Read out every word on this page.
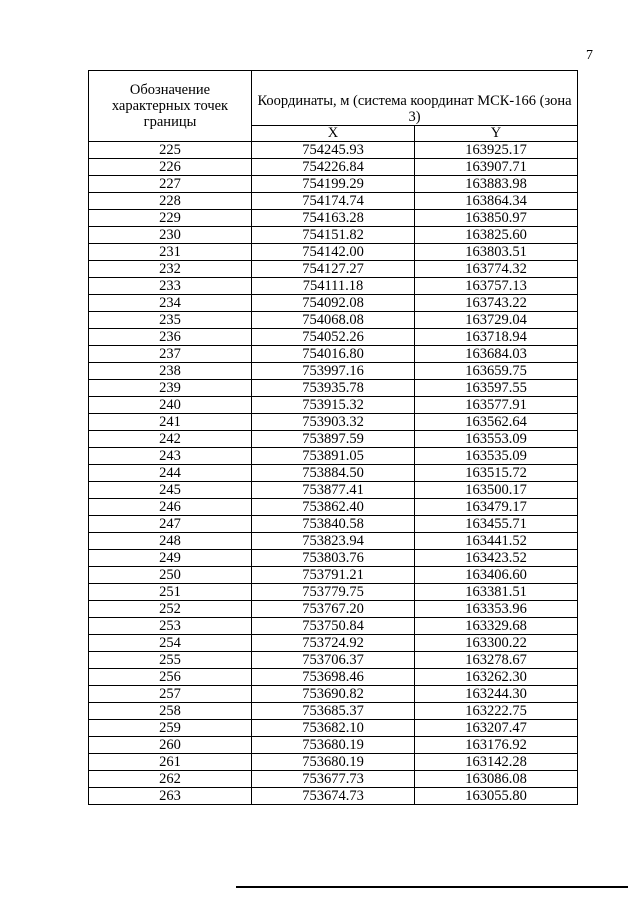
7
Обозначение характерных точек границы	Координаты, м (система координат МСК-166 (зона 3)	
	X	Y
225	754245.93	163925.17
226	754226.84	163907.71
227	754199.29	163883.98
228	754174.74	163864.34
229	754163.28	163850.97
230	754151.82	163825.60
231	754142.00	163803.51
232	754127.27	163774.32
233	754111.18	163757.13
234	754092.08	163743.22
235	754068.08	163729.04
236	754052.26	163718.94
237	754016.80	163684.03
238	753997.16	163659.75
239	753935.78	163597.55
240	753915.32	163577.91
241	753903.32	163562.64
242	753897.59	163553.09
243	753891.05	163535.09
244	753884.50	163515.72
245	753877.41	163500.17
246	753862.40	163479.17
247	753840.58	163455.71
248	753823.94	163441.52
249	753803.76	163423.52
250	753791.21	163406.60
251	753779.75	163381.51
252	753767.20	163353.96
253	753750.84	163329.68
254	753724.92	163300.22
255	753706.37	163278.67
256	753698.46	163262.30
257	753690.82	163244.30
258	753685.37	163222.75
259	753682.10	163207.47
260	753680.19	163176.92
261	753680.19	163142.28
262	753677.73	163086.08
263	753674.73	163055.80
